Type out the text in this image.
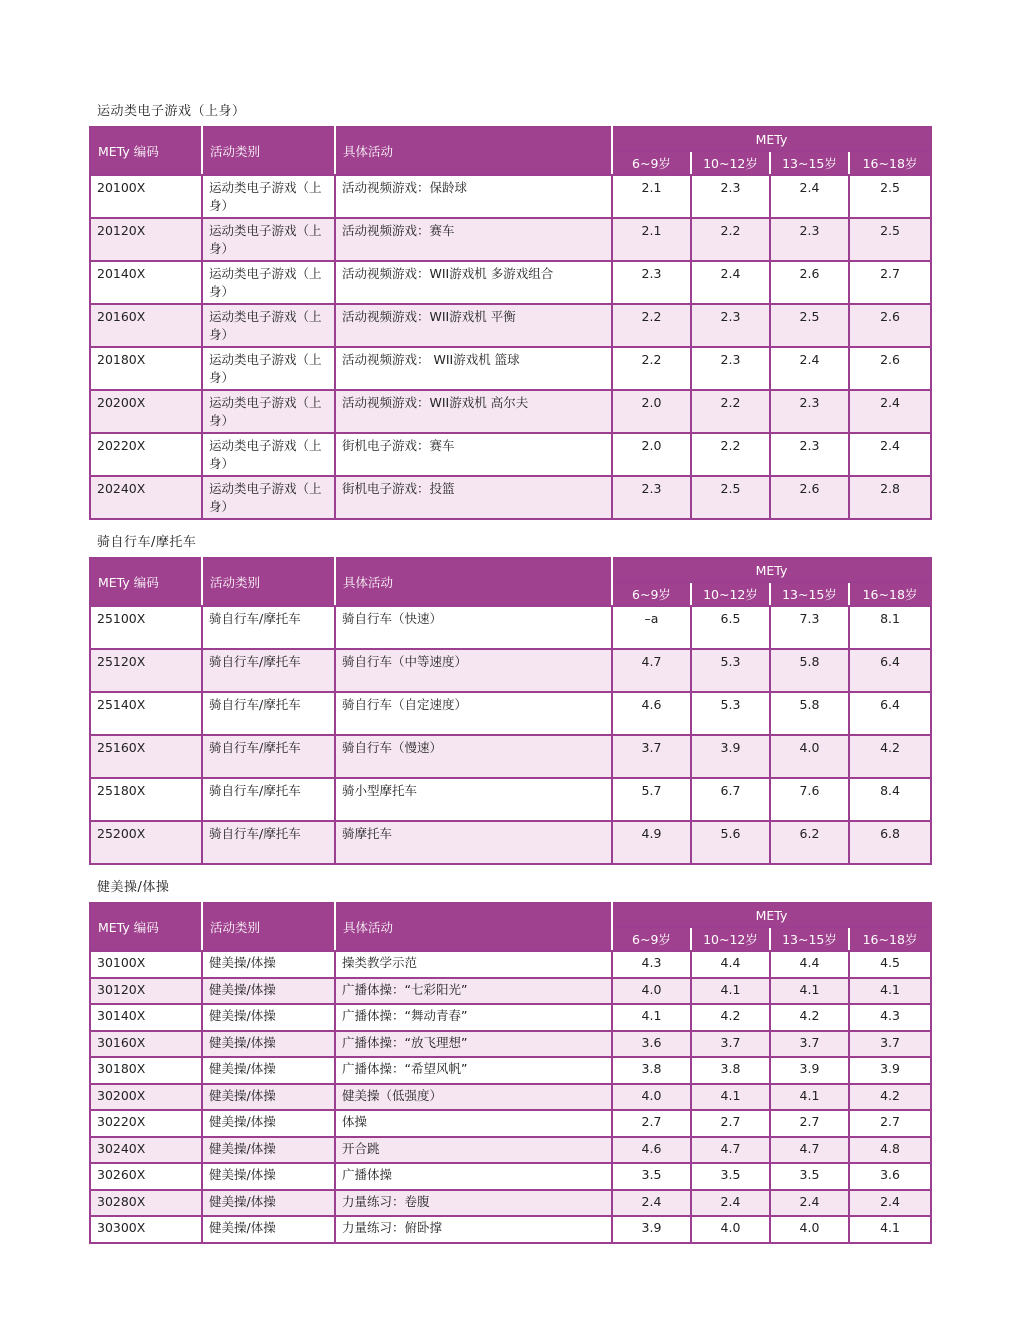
运动类电子游戏（上身）
METy 编码	活动类别	具体活动	METy			
			6~9岁	10~12岁	13~15岁	16~18岁
20100X	运动类电子游戏（上身）	活动视频游戏：保龄球	2.1	2.3	2.4	2.5
20120X	运动类电子游戏（上身）	活动视频游戏：赛车	2.1	2.2	2.3	2.5
20140X	运动类电子游戏（上身）	活动视频游戏：WII游戏机 多游戏组合	2.3	2.4	2.6	2.7
20160X	运动类电子游戏（上身）	活动视频游戏：WII游戏机 平衡	2.2	2.3	2.5	2.6
20180X	运动类电子游戏（上身）	活动视频游戏： WII游戏机 篮球	2.2	2.3	2.4	2.6
20200X	运动类电子游戏（上身）	活动视频游戏：WII游戏机 高尔夫	2.0	2.2	2.3	2.4
20220X	运动类电子游戏（上身）	街机电子游戏：赛车	2.0	2.2	2.3	2.4
20240X	运动类电子游戏（上身）	街机电子游戏：投篮	2.3	2.5	2.6	2.8
骑自行车/摩托车
METy 编码	活动类别	具体活动	METy			
			6~9岁	10~12岁	13~15岁	16~18岁
25100X	骑自行车/摩托车	骑自行车（快速）	–a	6.5	7.3	8.1
25120X	骑自行车/摩托车	骑自行车（中等速度）	4.7	5.3	5.8	6.4
25140X	骑自行车/摩托车	骑自行车（自定速度）	4.6	5.3	5.8	6.4
25160X	骑自行车/摩托车	骑自行车（慢速）	3.7	3.9	4.0	4.2
25180X	骑自行车/摩托车	骑小型摩托车	5.7	6.7	7.6	8.4
25200X	骑自行车/摩托车	骑摩托车	4.9	5.6	6.2	6.8
健美操/体操
METy 编码	活动类别	具体活动	METy			
			6~9岁	10~12岁	13~15岁	16~18岁
30100X	健美操/体操	操类教学示范	4.3	4.4	4.4	4.5
30120X	健美操/体操	广播体操：“七彩阳光”	4.0	4.1	4.1	4.1
30140X	健美操/体操	广播体操：“舞动青春”	4.1	4.2	4.2	4.3
30160X	健美操/体操	广播体操：“放飞理想”	3.6	3.7	3.7	3.7
30180X	健美操/体操	广播体操：“希望风帆”	3.8	3.8	3.9	3.9
30200X	健美操/体操	健美操（低强度）	4.0	4.1	4.1	4.2
30220X	健美操/体操	体操	2.7	2.7	2.7	2.7
30240X	健美操/体操	开合跳	4.6	4.7	4.7	4.8
30260X	健美操/体操	广播体操	3.5	3.5	3.5	3.6
30280X	健美操/体操	力量练习：卷腹	2.4	2.4	2.4	2.4
30300X	健美操/体操	力量练习：俯卧撑	3.9	4.0	4.0	4.1
